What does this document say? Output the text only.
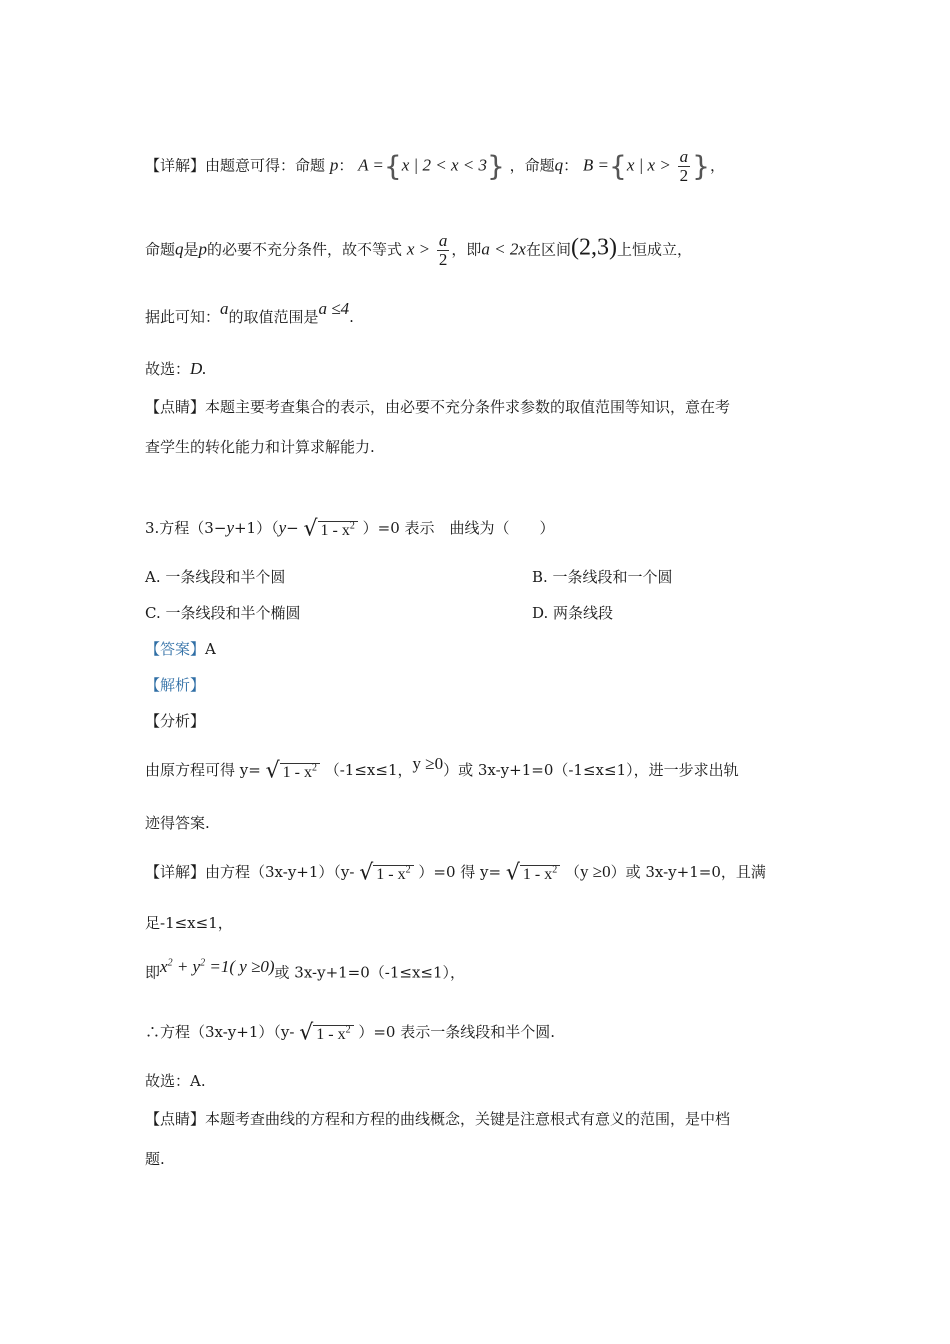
【详解】由题意可得：命题 p： A ={x | 2 < x < 3} ，命题q： B ={x | $x > \frac{a}{2}$ }，
命题q是p的必要不充分条件，故不等式 $x > \frac{a}{2}$ ，即a < 2x在区间(2,3)上恒成立，
据此可知：a的取值范围是a ≤4.
故选：D.
【点睛】本题主要考查集合的表示，由必要不充分条件求参数的取值范围等知识，意在考
查学生的转化能力和计算求解能力.
3.方程（3−y+1）（y− √ $1 - x^2$ ）=0 表示　曲线为（　　）
A. 一条线段和半个圆	B. 一条线段和一个圆
C. 一条线段和半个椭圆	D. 两条线段
【答案】A
【解析】
【分析】
由原方程可得 y= √ $1 - x^2$ （-1≤x≤1，y ≥0）或 3x-y+1=0（-1≤x≤1），进一步求出轨
迹得答案.
【详解】由方程（3x-y+1）（y- √ $1 - x^2$ ）=0 得 y= √ $1 - x^2$ （y ≥0）或 3x-y+1=0，且满
足-1≤x≤1，
即$x^2 + y^2 =1$( y ≥0)或 3x-y+1=0（-1≤x≤1），
∴方程（3x-y+1）（y- √ $1 - x^2$ ）=0 表示一条线段和半个圆.
故选：A.
【点睛】本题考查曲线的方程和方程的曲线概念，关键是注意根式有意义的范围，是中档
题.
